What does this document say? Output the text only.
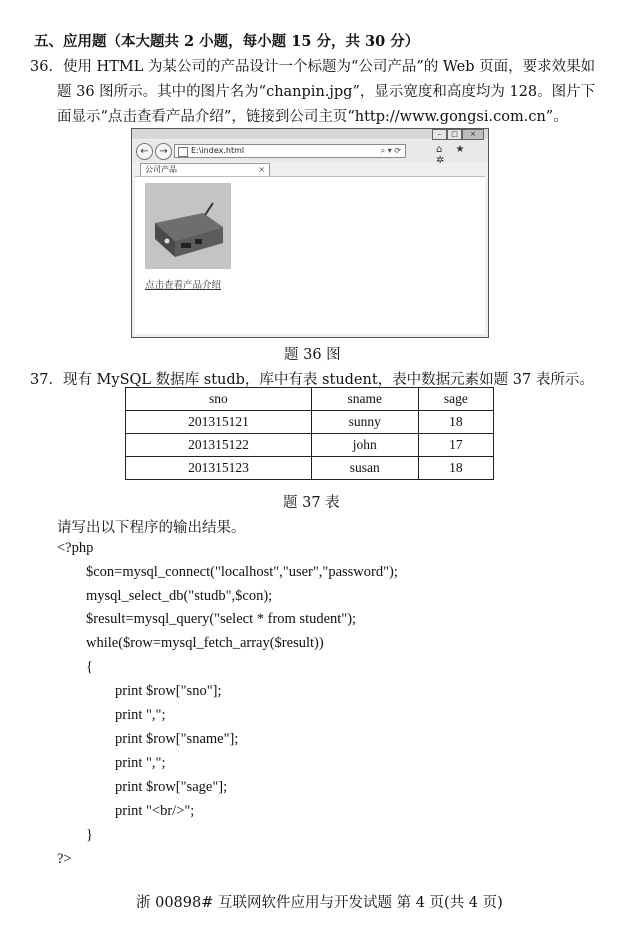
五、应用题（本大题共 2 小题，每小题 15 分，共 30 分）
36．使用 HTML 为某公司的产品设计一个标题为“公司产品”的 Web 页面，要求效果如
题 36 图所示。其中的图片名为“chanpin.jpg”，显示宽度和高度均为 128。图片下
面显示“点击查看产品介绍”，链接到公司主页“http://www.gongsi.com.cn”。
–	□	×
←	→	E:\index.html	⌕ ▾ ⟳	⌂ ★ ✲
公司产品	×
点击查看产品介绍
题 36 图
37．现有 MySQL 数据库 studb，库中有表 student，表中数据元素如题 37 表所示。
sno	sname	sage
201315121	sunny	18
201315122	john	17
201315123	susan	18
题 37 表
请写出以下程序的输出结果。
<?php
$con=mysql_connect("localhost","user","password");
mysql_select_db("studb",$con);
$result=mysql_query("select * from student");
while($row=mysql_fetch_array($result))
{
print $row["sno"];
print ",";
print $row["sname"];
print ",";
print $row["sage"];
print "<br/>";
}
?>
浙 00898# 互联网软件应用与开发试题 第 4 页(共 4 页)
